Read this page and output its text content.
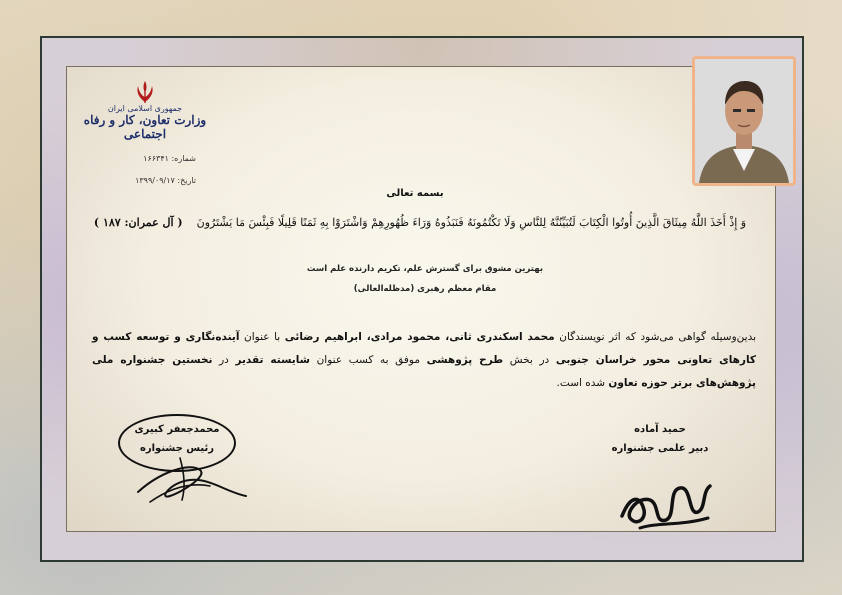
جمهوری اسلامی ایران
وزارت تعاون، کار و رفاه اجتماعی
شماره: ۱۶۶۳۴۱
تاریخ: ۱۳۹۹/۰۹/۱۷
بسمه تعالی
وَ إِذْ أَخَذَ اللَّهُ مِيثَاقَ الَّذِينَ أُوتُوا الْكِتَابَ لَتُبَيِّنُنَّهُ لِلنَّاسِ وَلَا تَكْتُمُونَهُ فَنَبَذُوهُ وَرَاءَ ظُهُورِهِمْ وَاشْتَرَوْا بِهِ ثَمَنًا قَلِيلًا فَبِئْسَ مَا يَشْتَرُونَ    ( آل عمران: ۱۸۷ )
بهترین مشوق برای گسترش علم، تکریم دارنده علم است
مقام معظم رهبری (مدظله‌العالی)
بدین‌وسیله گواهی می‌شود که اثر نویسندگان محمد اسکندری ثانی، محمود مرادی، ابراهیم رضائی با عنوان آینده‌نگاری و توسعه کسب و کارهای تعاونی محور خراسان جنوبی در بخش طرح پژوهشی موفق به کسب عنوان شایسته تقدیر در نخستین جشنواره ملی پژوهش‌های برتر حوزه تعاون شده است.
حمید آماده
دبیر علمی جشنواره
محمدجعفر کبیری
رئیس جشنواره
